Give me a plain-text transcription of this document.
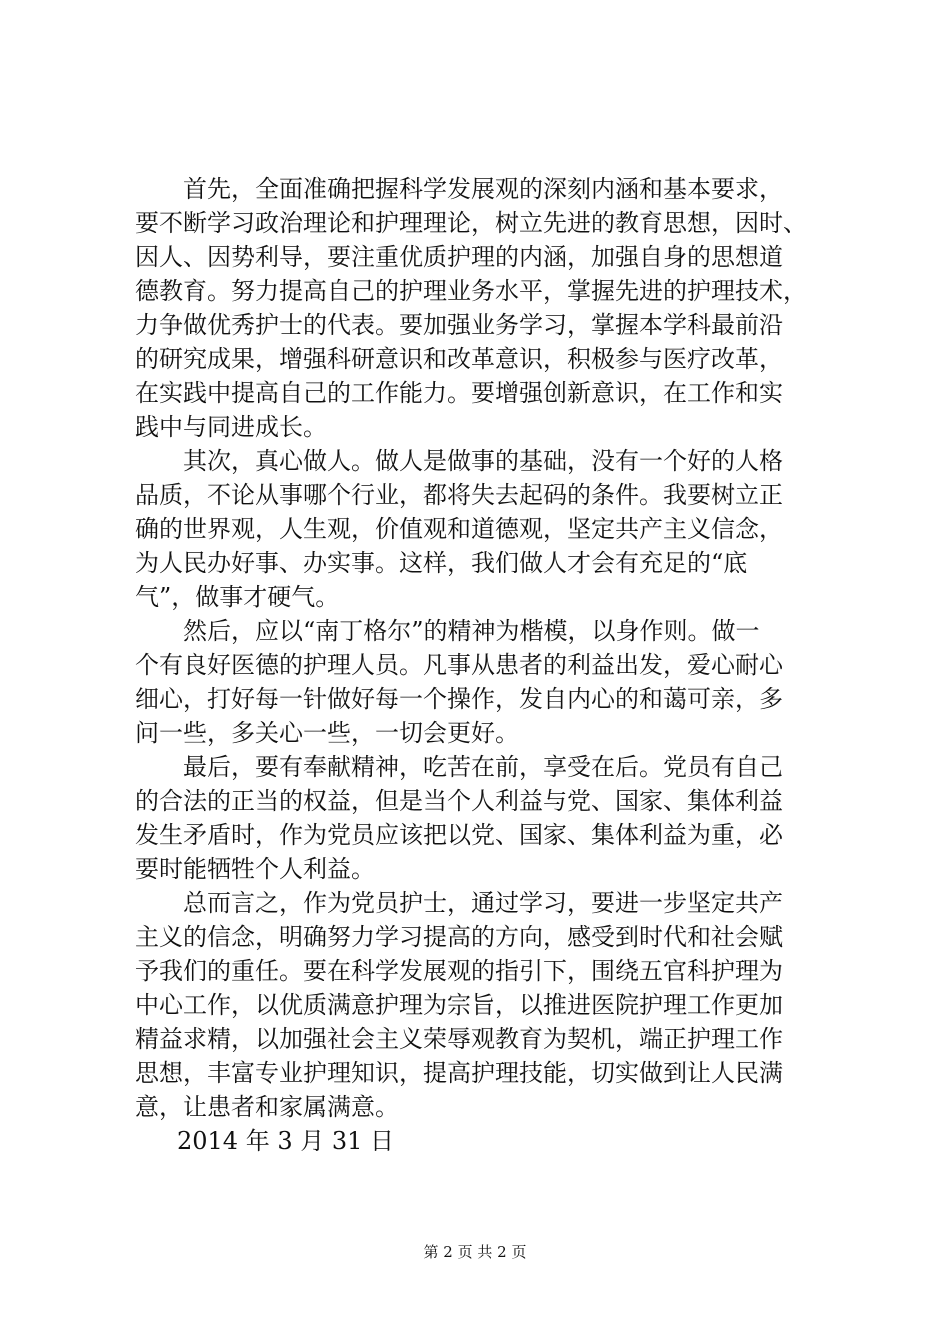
首先，全面准确把握科学发展观的深刻内涵和基本要求，
要不断学习政治理论和护理理论，树立先进的教育思想，因时、
因人、因势利导，要注重优质护理的内涵，加强自身的思想道
德教育。努力提高自己的护理业务水平，掌握先进的护理技术，
力争做优秀护士的代表。要加强业务学习，掌握本学科最前沿
的研究成果，增强科研意识和改革意识，积极参与医疗改革，
在实践中提高自己的工作能力。要增强创新意识，在工作和实
践中与同进成长。
其次，真心做人。做人是做事的基础，没有一个好的人格
品质，不论从事哪个行业，都将失去起码的条件。我要树立正
确的世界观，人生观，价值观和道德观，坚定共产主义信念，
为人民办好事、办实事。这样，我们做人才会有充足的“底
气”，做事才硬气。
然后，应以“南丁格尔”的精神为楷模，以身作则。做一
个有良好医德的护理人员。凡事从患者的利益出发，爱心耐心
细心，打好每一针做好每一个操作，发自内心的和蔼可亲，多
问一些，多关心一些，一切会更好。
最后，要有奉献精神，吃苦在前，享受在后。党员有自己
的合法的正当的权益，但是当个人利益与党、国家、集体利益
发生矛盾时，作为党员应该把以党、国家、集体利益为重，必
要时能牺牲个人利益。
总而言之，作为党员护士，通过学习，要进一步坚定共产
主义的信念，明确努力学习提高的方向，感受到时代和社会赋
予我们的重任。要在科学发展观的指引下，围绕五官科护理为
中心工作，以优质满意护理为宗旨，以推进医院护理工作更加
精益求精，以加强社会主义荣辱观教育为契机，端正护理工作
思想，丰富专业护理知识，提高护理技能，切实做到让人民满
意，让患者和家属满意。
2014 年 3 月 31 日
第 2 页 共 2 页
